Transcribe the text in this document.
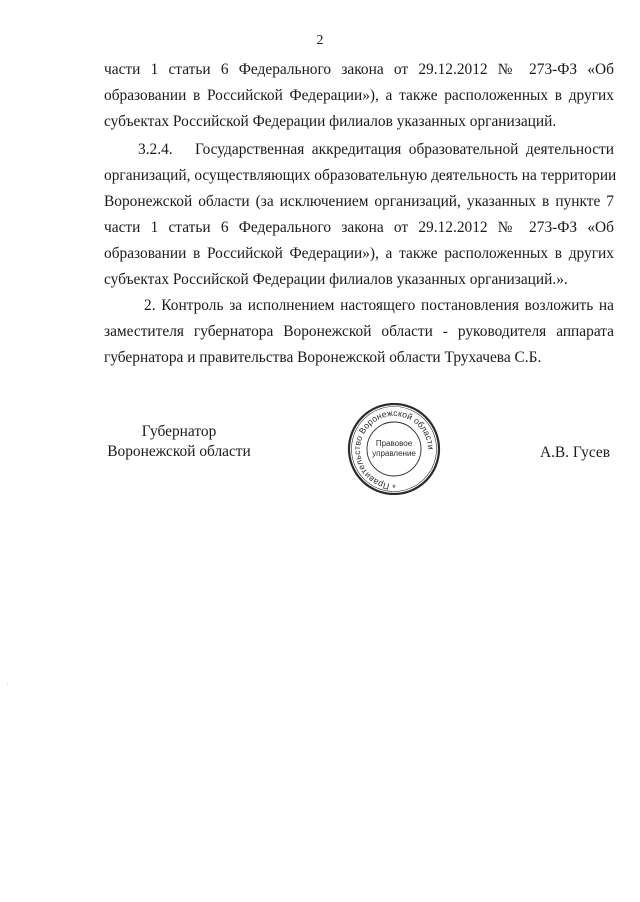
2
части 1 статьи 6 Федерального закона от 29.12.2012 № 273-ФЗ «Об
образовании в Российской Федерации»), а также расположенных в других
субъектах Российской Федерации филиалов указанных организаций.
3.2.4.   Государственная аккредитация образовательной деятельности
организаций, осуществляющих образовательную деятельность на территории
Воронежской области (за исключением организаций, указанных в пункте 7
части 1 статьи 6 Федерального закона от 29.12.2012 № 273-ФЗ «Об
образовании в Российской Федерации»), а также расположенных в других
субъектах Российской Федерации филиалов указанных организаций.».
2. Контроль за исполнением настоящего постановления возложить на
заместителя губернатора Воронежской области - руководителя аппарата
губернатора и правительства Воронежской области Трухачева С.Б.
Губернатор
Воронежской области
Правительство Воронежской области
Правовое
управление
*
А.В. Гусев
